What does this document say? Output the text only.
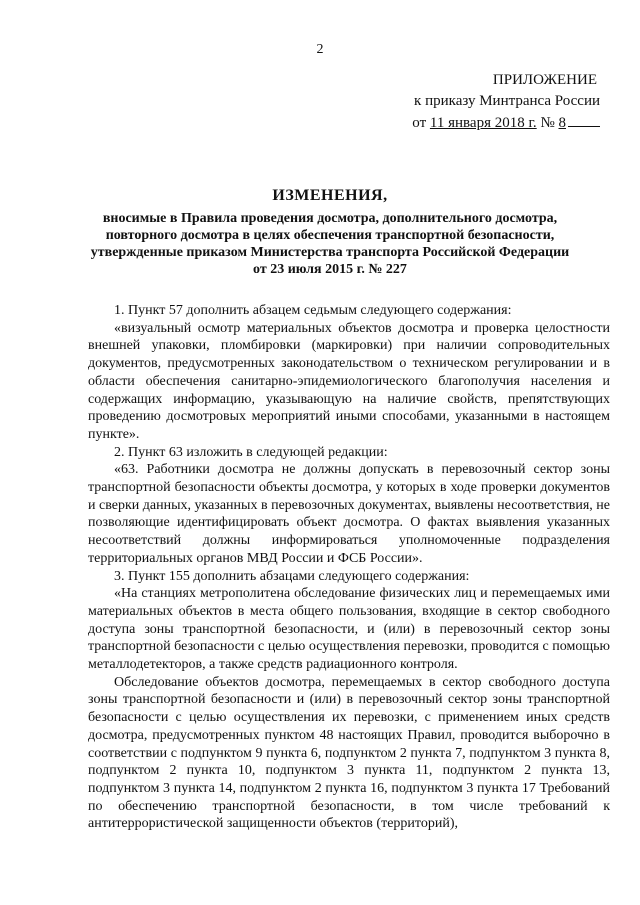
2
ПРИЛОЖЕНИЕ
к приказу Минтранса России
от 11 января 2018 г. № 8
ИЗМЕНЕНИЯ,
вносимые в Правила проведения досмотра, дополнительного досмотра,
повторного досмотра в целях обеспечения транспортной безопасности,
утвержденные приказом Министерства транспорта Российской Федерации
от 23 июля 2015 г. № 227

1. Пункт 57 дополнить абзацем седьмым следующего содержания:

«визуальный осмотр материальных объектов досмотра и проверка целостности внешней упаковки, пломбировки (маркировки) при наличии сопроводительных документов, предусмотренных законодательством о техническом регулировании и в области обеспечения санитарно-эпидемиологического благополучия населения и содержащих информацию, указывающую на наличие свойств, препятствующих проведению досмотровых мероприятий иными способами, указанными в настоящем пункте».

2. Пункт 63 изложить в следующей редакции:

«63. Работники досмотра не должны допускать в перевозочный сектор зоны транспортной безопасности объекты досмотра, у которых в ходе проверки документов и сверки данных, указанных в перевозочных документах, выявлены несоответствия, не позволяющие идентифицировать объект досмотра. О фактах выявления указанных несоответствий должны информироваться уполномоченные подразделения территориальных органов МВД России и ФСБ России».

3. Пункт 155 дополнить абзацами следующего содержания:

«На станциях метрополитена обследование физических лиц и перемещаемых ими материальных объектов в места общего пользования, входящие в сектор свободного доступа зоны транспортной безопасности, и (или) в перевозочный сектор зоны транспортной безопасности с целью осуществления перевозки, проводится с помощью металлодетекторов, а также средств радиационного контроля.

Обследование объектов досмотра, перемещаемых в сектор свободного доступа зоны транспортной безопасности и (или) в перевозочный сектор зоны транспортной безопасности с целью осуществления их перевозки, с применением иных средств досмотра, предусмотренных пунктом 48 настоящих Правил, проводится выборочно в соответствии с подпунктом 9 пункта 6, подпунктом 2 пункта 7, подпунктом 3 пункта 8, подпунктом 2 пункта 10, подпунктом 3 пункта 11, подпунктом 2 пункта 13, подпунктом 3 пункта 14, подпунктом 2 пункта 16, подпунктом 3 пункта 17 Требований по обеспечению транспортной безопасности, в том числе требований к антитеррористической защищенности объектов (территорий),
